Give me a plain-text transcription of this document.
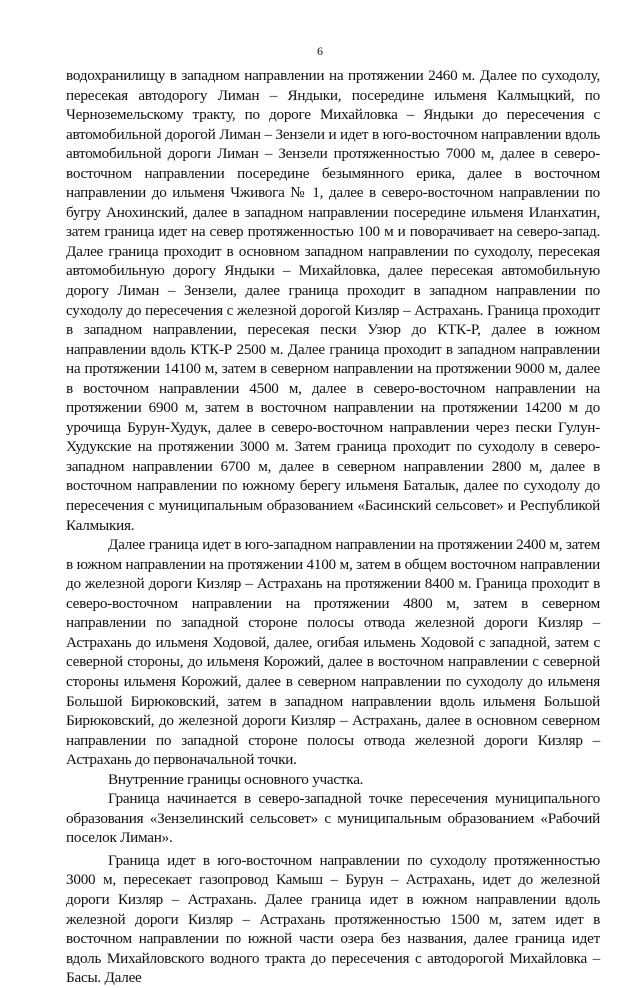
6

водохранилищу в западном направлении на протяжении 2460 м. Далее по суходолу, пересекая автодорогу Лиман – Яндыки, посередине ильменя Калмыцкий, по Черноземельскому тракту, по дороге Михайловка – Яндыки до пересечения с автомобильной дорогой Лиман – Зензели и идет в юго-восточном направлении вдоль автомобильной дороги Лиман – Зензели протяженностью 7000 м, далее в северо-восточном направлении посередине безымянного ерика, далее в восточном направлении до ильменя Чживога № 1, далее в северо-восточном направлении по бугру Анохинский, далее в западном направлении посередине ильменя Иланхатин, затем граница идет на север протяженностью 100 м и поворачивает на северо-запад. Далее граница проходит в основном западном направлении по суходолу, пересекая автомобильную дорогу Яндыки – Михайловка, далее пересекая автомобильную дорогу Лиман – Зензели, далее граница проходит в западном направлении по суходолу до пересечения с железной дорогой Кизляр – Астрахань. Граница проходит в западном направлении, пересекая пески Узюр до КТК-Р, далее в южном направлении вдоль КТК-Р 2500 м. Далее граница проходит в западном направлении на протяжении 14100 м, затем в северном направлении на протяжении 9000 м, далее в восточном направлении 4500 м, далее в северо-восточном направлении на протяжении 6900 м, затем в восточном направлении на протяжении 14200 м до урочища Бурун-Худук, далее в северо-восточном направлении через пески Гулун-Худукские на протяжении 3000 м. Затем граница проходит по суходолу в северо-западном направлении 6700 м, далее в северном направлении 2800 м, далее в восточном направлении по южному берегу ильменя Баталык, далее по суходолу до пересечения с муниципальным образованием «Басинский сельсовет» и Республикой Калмыкия.

Далее граница идет в юго-западном направлении на протяжении 2400 м, затем в южном направлении на протяжении 4100 м, затем в общем восточном направлении до железной дороги Кизляр – Астрахань на протяжении 8400 м. Граница проходит в северо-восточном направлении на протяжении 4800 м, затем в северном направлении по западной стороне полосы отвода железной дороги Кизляр – Астрахань до ильменя Ходовой, далее, огибая ильмень Ходовой с западной, затем с северной стороны, до ильменя Корожий, далее в восточном направлении с северной стороны ильменя Корожий, далее в северном направлении по суходолу до ильменя Большой Бирюковский, затем в западном направлении вдоль ильменя Большой Бирюковский, до железной дороги Кизляр – Астрахань, далее в основном северном направлении по западной стороне полосы отвода железной дороги Кизляр – Астрахань до первоначальной точки.

Внутренние границы основного участка.

Граница начинается в северо-западной точке пересечения муниципального образования «Зензелинский сельсовет» с муниципальным образованием «Рабочий поселок Лиман».

Граница идет в юго-восточном направлении по суходолу протяженностью 3000 м, пересекает газопровод Камыш – Бурун – Астрахань, идет до железной дороги Кизляр – Астрахань. Далее граница идет в южном направлении вдоль железной дороги Кизляр – Астрахань протяженностью 1500 м, затем идет в восточном направлении по южной части озера без названия, далее граница идет вдоль Михайловского водного тракта до пересечения с автодорогой Михайловка – Басы. Далее
